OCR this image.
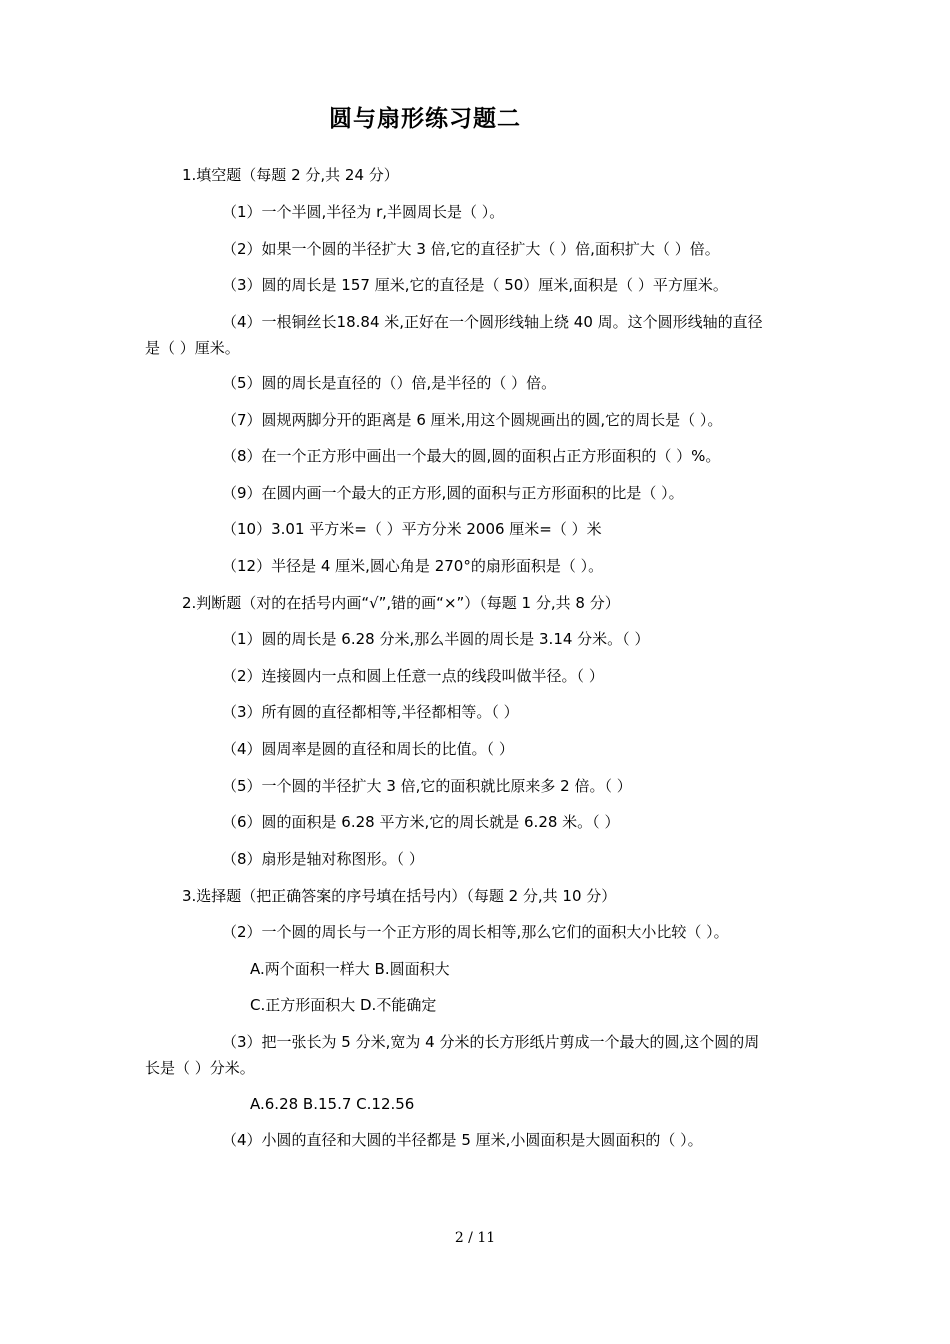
圆与扇形练习题二
1.填空题（每题 2 分,共 24 分）
（1）一个半圆,半径为 r,半圆周长是（ ）。
（2）如果一个圆的半径扩大 3 倍,它的直径扩大（ ）倍,面积扩大（ ）倍。
（3）圆的周长是 157 厘米,它的直径是（ 50）厘米,面积是（ ）平方厘米。
（4）一根铜丝长18.84 米,正好在一个圆形线轴上绕 40 周。这个圆形线轴的直径
是（ ）厘米。
（5）圆的周长是直径的（）倍,是半径的（ ）倍。
（7）圆规两脚分开的距离是 6 厘米,用这个圆规画出的圆,它的周长是（ ）。
（8）在一个正方形中画出一个最大的圆,圆的面积占正方形面积的（ ）%。
（9）在圆内画一个最大的正方形,圆的面积与正方形面积的比是（ ）。
（10）3.01 平方米=（ ）平方分米 2006 厘米=（ ）米
（12）半径是 4 厘米,圆心角是 270°的扇形面积是（ ）。
2.判断题（对的在括号内画“√”,错的画“×”）（每题 1 分,共 8 分）
（1）圆的周长是 6.28 分米,那么半圆的周长是 3.14 分米。（ ）
（2）连接圆内一点和圆上任意一点的线段叫做半径。（ ）
（3）所有圆的直径都相等,半径都相等。（ ）
（4）圆周率是圆的直径和周长的比值。（ ）
（5）一个圆的半径扩大 3 倍,它的面积就比原来多 2 倍。（ ）
（6）圆的面积是 6.28 平方米,它的周长就是 6.28 米。（ ）
（8）扇形是轴对称图形。（ ）
3.选择题（把正确答案的序号填在括号内）（每题 2 分,共 10 分）
（2）一个圆的周长与一个正方形的周长相等,那么它们的面积大小比较（ ）。
A.两个面积一样大 B.圆面积大
C.正方形面积大 D.不能确定
（3）把一张长为 5 分米,宽为 4 分米的长方形纸片剪成一个最大的圆,这个圆的周
长是（ ）分米。
A.6.28 B.15.7 C.12.56
（4）小圆的直径和大圆的半径都是 5 厘米,小圆面积是大圆面积的（ ）。
2 / 11
